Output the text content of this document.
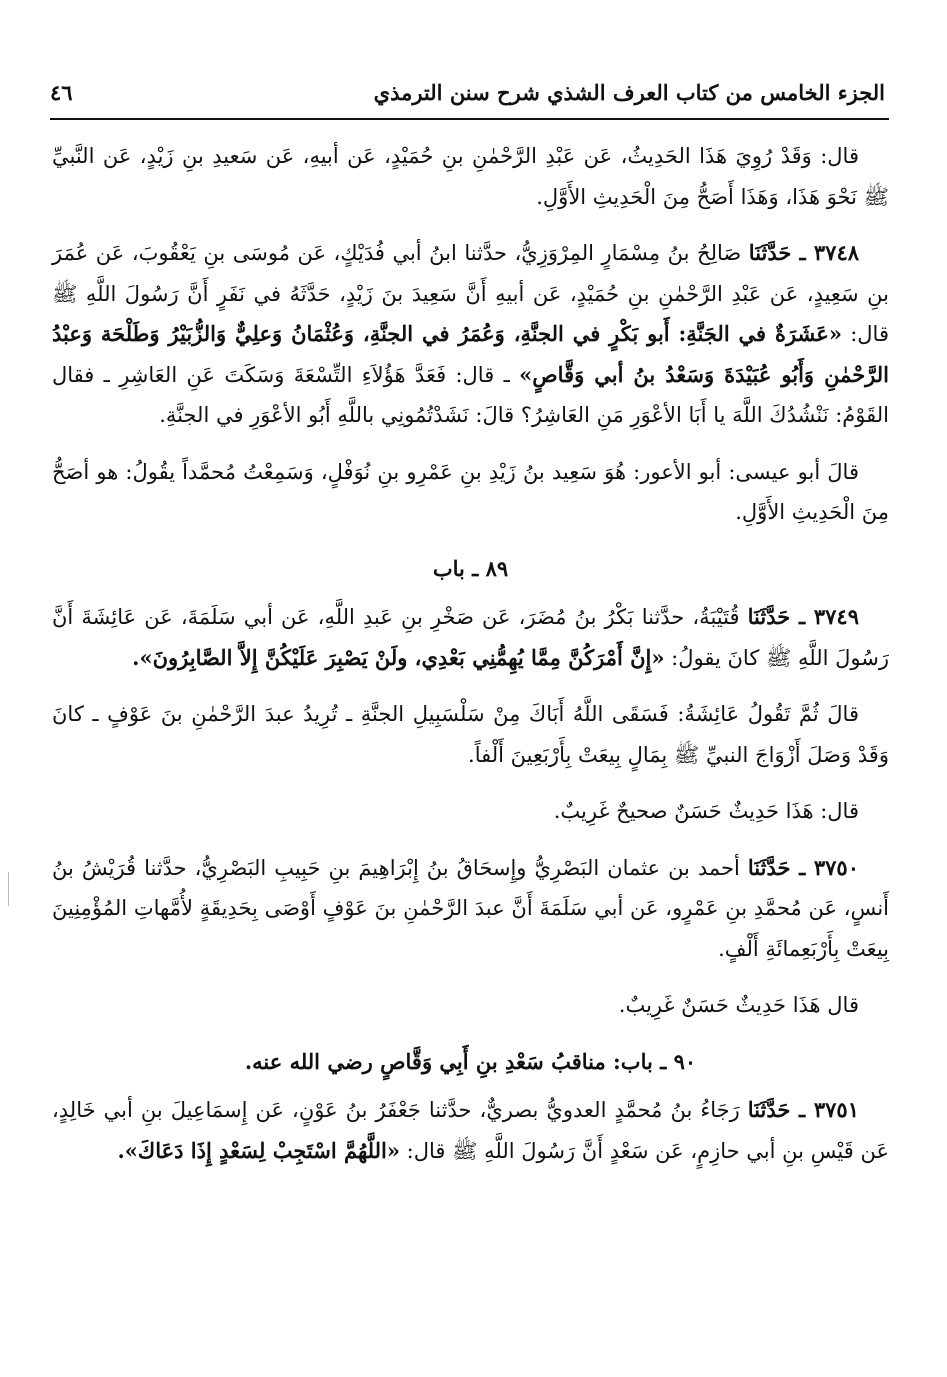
الجزء الخامس من كتاب العرف الشذي شرح سنن الترمذي
٤٦

قال: وَقَدْ رُوِيَ هَذَا الحَدِيثُ، عَن عَبْدِ الرَّحْمٰنِ بنِ حُمَيْدٍ، عَن أبيهِ، عَن سَعيدِ بنِ زَيْدٍ، عَن النَّبيِّ ﷺ نَحْوَ هَذَا، وَهَذَا أَصَحُّ مِنَ الْحَدِيثِ الأَوَّلِ.

٣٧٤٨ ـ حَدَّثَنَا صَالِحُ بنُ مِسْمَارٍ المِرْوَزِيُّ، حدَّثنا ابنُ أبي فُدَيْكٍ، عَن مُوسَى بنِ يَعْقُوبَ، عَن عُمَرَ بنِ سَعِيدٍ، عَن عَبْدِ الرَّحْمٰنِ بنِ حُمَيْدٍ، عَن أبيهِ أَنَّ سَعِيدَ بنَ زَيْدٍ، حَدَّثَهُ في نَفَرٍ أَنَّ رَسُولَ اللَّهِ ﷺ قال: «عَشَرَةٌ في الجَنَّةِ: أَبو بَكْرٍ في الجنَّةِ، وَعُمَرُ في الجنَّةِ، وَعُثْمَانُ وَعلِيٌّ وَالزُّبَيْرُ وَطَلْحَة وَعبْدُ الرَّحْمٰنِ وَأَبُو عُبَيْدَةَ وَسَعْدُ بنُ أبي وَقَّاصٍ» ـ قال: فَعَدَّ هَؤُلاَءِ التِّسْعَةَ وَسَكَتَ عَنِ العَاشِرِ ـ فقال القَوْمُ: نَنْشُدُكَ اللَّهَ يا أَبَا الأعْوَرِ مَنِ العَاشِرُ؟ قالَ: نَشَدْتُمُونِي باللَّهِ أَبُو الأعْوَرِ في الجنَّةِ.

قالَ أبو عيسى: أبو الأعور: هُوَ سَعِيد بنُ زَيْدِ بنِ عَمْرِو بنِ نُوَفْلٍ، وَسَمِعْتُ مُحمَّداً يقُولُ: هو أصَحُّ مِنَ الْحَدِيثِ الأَوَّلِ.

٨٩ ـ باب

٣٧٤٩ ـ حَدَّثَنَا قُتَيْبَةُ، حدَّثنا بَكْرُ بنُ مُضَرَ، عَن صَخْرِ بنِ عَبدِ اللَّهِ، عَن أبي سَلَمَةَ، عَن عَائِشَةَ أَنَّ رَسُولَ اللَّهِ ﷺ كانَ يقولُ: «إِنَّ أَمْرَكُنَّ مِمَّا يُهِمُّنِي بَعْدِي، ولَنْ يَصْبِرَ عَلَيْكُنَّ إِلاَّ الصَّابِرُونَ».

قالَ ثُمَّ تَقُولُ عَائِشَةُ: فَسَقَى اللَّهُ أَبَاكَ مِنْ سَلْسَبِيلِ الجنَّةِ ـ تُرِيدُ عبدَ الرَّحْمٰنِ بنَ عَوْفٍ ـ كانَ وَقَدْ وَصَلَ أَزْوَاجَ النبيِّ ﷺ بِمَالٍ بِيعَتْ بِأَرْبَعِينَ أَلْفاً.

قال: هَذَا حَدِيثٌ حَسَنٌ صحيحٌ غَرِيبٌ.

٣٧٥٠ ـ حَدَّثَنَا أحمد بن عثمان البَصْرِيُّ وإِسحَاقُ بنُ إِبْرَاهِيمَ بنِ حَبِيبِ البَصْرِيُّ، حدَّثنا قُرَيْشُ بنُ أَنسٍ، عَن مُحمَّدِ بنِ عَمْرٍو، عَن أبي سَلَمَةَ أَنَّ عبدَ الرَّحْمٰنِ بنَ عَوْفٍ أَوْصَى بِحَدِيقَةٍ لأُمَّهاتِ المُؤْمِنِينَ بِيعَتْ بِأَرْبَعِمائَةِ أَلْفٍ.

قال هَذَا حَدِيثٌ حَسَنٌ غَرِيبٌ.

٩٠ ـ باب: مناقبُ سَعْدِ بنِ أَبِي وَقَّاصٍ رضي الله عنه.

٣٧٥١ ـ حَدَّثَنَا رَجَاءُ بنُ مُحمَّدٍ العدويُّ بصريٌّ، حدَّثنا جَعْفَرُ بنُ عَوْنٍ، عَن إِسمَاعِيلَ بنِ أبي خَالِدٍ، عَن قَيْسِ بنِ أبي حازِمٍ، عَن سَعْدٍ أَنَّ رَسُولَ اللَّهِ ﷺ قال: «اللَّهُمَّ اسْتَجِبْ لِسَعْدٍ إِذَا دَعَاكَ».
